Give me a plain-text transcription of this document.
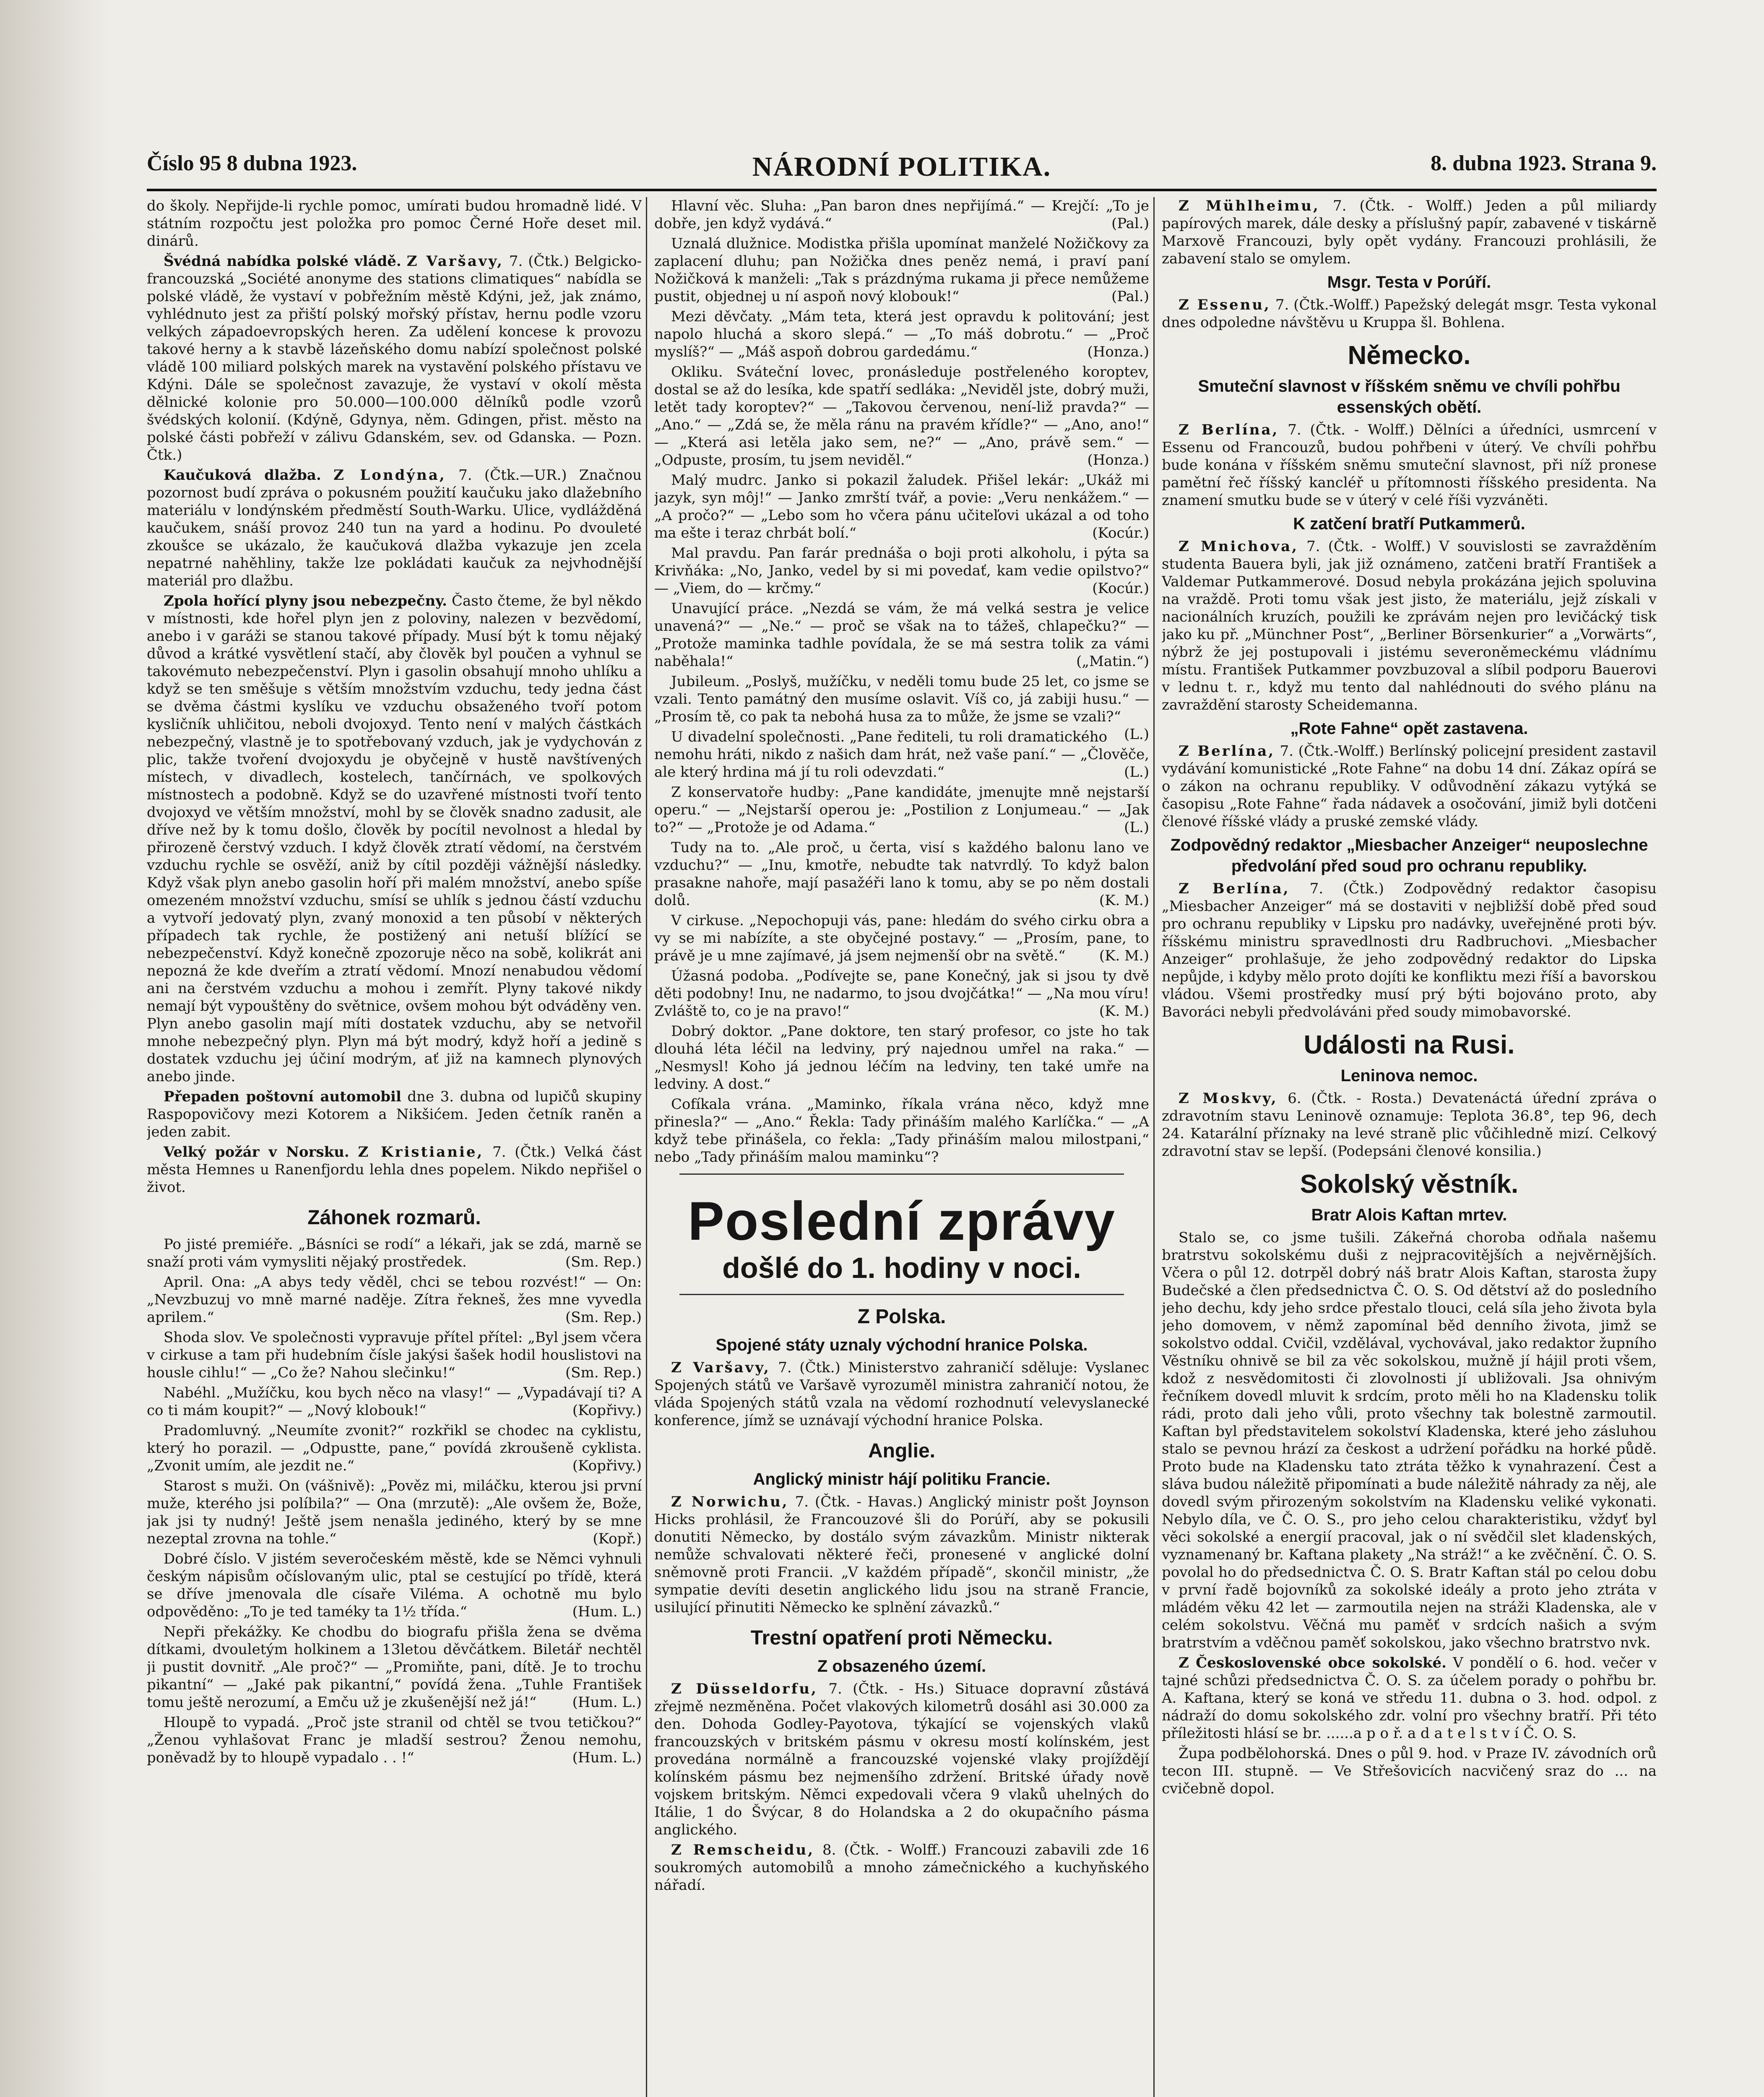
Číslo 95 8 dubna 1923.	NÁRODNÍ POLITIKA.	8. dubna 1923. Strana 9.

do školy. Nepřijde-li rychle pomoc, umírati budou hromadně lidé. V státním rozpočtu jest položka pro pomoc Černé Hoře deset mil. dinárů.

Švédná nabídka polské vládě. Z Varšavy, 7. (Čtk.) Belgicko-francouzská „Société anonyme des stations climatiques“ nabídla se polské vládě, že vystaví v pobřežním městě Kdýni, jež, jak známo, vyhlédnuto jest za přiští polský mořský přístav, hernu podle vzoru velkých západoevropských heren. Za udělení koncese k provozu takové herny a k stavbě lázeňského domu nabízí společnost polské vládě 100 miliard polských marek na vystavění polského přístavu ve Kdýni. Dále se společnost zavazuje, že vystaví v okolí města dělnické kolonie pro 50.000—100.000 dělníků podle vzorů švédských kolonií. (Kdýně, Gdynya, něm. Gdingen, přist. město na polské části pobřeží v zálivu Gdanském, sev. od Gdanska. — Pozn. Čtk.)

Kaučuková dlažba. Z Londýna, 7. (Čtk.—UR.) Značnou pozornost budí zpráva o pokusném použití kaučuku jako dlažebního materiálu v londýnském předměstí South-Warku. Ulice, vydlážděná kaučukem, snáší provoz 240 tun na yard a hodinu. Po dvouleté zkoušce se ukázalo, že kaučuková dlažba vykazuje jen zcela nepatrné nahěhliny, takže lze pokládati kaučuk za nejvhodnější materiál pro dlažbu.

Zpola hořící plyny jsou nebezpečny. Často čteme, že byl někdo v místnosti, kde hořel plyn jen z poloviny, nalezen v bezvědomí, anebo i v garáži se stanou takové případy. Musí být k tomu nějaký důvod a krátké vysvětlení stačí, aby člověk byl poučen a vyhnul se takovémuto nebezpečenství. Plyn i gasolin obsahují mnoho uhlíku a když se ten směšuje s větším množstvím vzduchu, tedy jedna část se dvěma částmi kyslíku ve vzduchu obsaženého tvoří potom kysličník uhličitou, neboli dvojoxyd. Tento není v malých částkách nebezpečný, vlastně je to spotřebovaný vzduch, jak je vydychován z plic, takže tvoření dvojoxydu je obyčejně v hustě navštívených místech, v divadlech, kostelech, tančírnách, ve spolkových místnostech a podobně. Když se do uzavřené místnosti tvoří tento dvojoxyd ve větším množství, mohl by se člověk snadno zadusit, ale dříve než by k tomu došlo, člověk by pocítil nevolnost a hledal by přirozeně čerstvý vzduch. I když člověk ztratí vědomí, na čerstvém vzduchu rychle se osvěží, aniž by cítil později vážnější následky. Když však plyn anebo gasolin hoří při malém množství, anebo spíše omezeném množství vzduchu, smísí se uhlík s jednou částí vzduchu a vytvoří jedovatý plyn, zvaný monoxid a ten působí v některých případech tak rychle, že postižený ani netuší blížící se nebezpečenství. Když konečně zpozoruje něco na sobě, kolikrát ani nepozná že kde dveřím a ztratí vědomí. Mnozí nenabudou vědomí ani na čerstvém vzduchu a mohou i zemřít. Plyny takové nikdy nemají být vypouštěny do světnice, ovšem mohou být odváděny ven. Plyn anebo gasolin mají míti dostatek vzduchu, aby se netvořil mnohe nebezpečný plyn. Plyn má být modrý, když hoří a jedině s dostatek vzduchu jej účiní modrým, ať již na kamnech plynových anebo jinde.

Přepaden poštovní automobil dne 3. dubna od lupičů skupiny Raspopovičovy mezi Kotorem a Nikšićem. Jeden četník raněn a jeden zabit.

Velký požár v Norsku. Z Kristianie, 7. (Čtk.) Velká část města Hemnes u Ranenfjordu lehla dnes popelem. Nikdo nepřišel o život.

Záhonek rozmarů.

Po jisté premiéře. „Básníci se rodí“ a lékaři, jak se zdá, marně se snaží proti vám vymysliti nějaký prostředek.	(Sm. Rep.)

April. Ona: „A abys tedy věděl, chci se tebou rozvést!“ — On: „Nevzbuzuj vo mně marné naděje. Zítra řekneš, žes mne vyvedla aprilem.“	(Sm. Rep.)

Shoda slov. Ve společnosti vypravuje přítel přítel: „Byl jsem včera v cirkuse a tam při hudebním čísle jakýsi šašek hodil houslistovi na housle cihlu!“ — „Co že? Nahou slečinku!“	(Sm. Rep.)

Nabéhl. „Mužíčku, kou bych něco na vlasy!“ — „Vypadávají ti? A co ti mám koupit?“ — „Nový klobouk!“	(Kopřivy.)

Pradomluvný. „Neumíte zvonit?“ rozkřikl se chodec na cyklistu, který ho porazil. — „Odpustte, pane,“ povídá zkroušeně cyklista. „Zvonit umím, ale jezdit ne.“	(Kopřivy.)

Starost s muži. On (vášnivě): „Pověz mi, miláčku, kterou jsi první muže, kterého jsi políbila?“ — Ona (mrzutě): „Ale ovšem že, Bože, jak jsi ty nudný! Ještě jsem nenašla jediného, který by se mne nezeptal zrovna na tohle.“	(Kopř.)

Dobré číslo. V jistém severočeském městě, kde se Němci vyhnuli českým nápisům očíslovaným ulic, ptal se cestující po třídě, která se dříve jmenovala dle císaře Viléma. A ochotně mu bylo odpověděno: „To je ted taméky ta 1½ třída.“	(Hum. L.)

Nepři překážky. Ke chodbu do biografu přišla žena se dvěma dítkami, dvouletým holkinem a 13letou děvčátkem. Biletář nechtěl ji pustit dovnitř. „Ale proč?“ — „Promiňte, pani, dítě. Je to trochu pikantní“ — „Jaké pak pikantní,“ povídá žena. „Tuhle František tomu ještě nerozumí, a Emču už je zkušenější než já!“	(Hum. L.)

Hloupě to vypadá. „Proč jste stranil od chtěl se tvou tetičkou?“ „Ženou vyhlašovat Franc je mladší sestrou? Ženou nemohu, poněvadž by to hloupě vypadalo . . !“	(Hum. L.)

Hlavní věc. Sluha: „Pan baron dnes nepřijímá.“ — Krejčí: „To je dobře, jen když vydává.“	(Pal.)

Uznalá dlužnice. Modistka přišla upomínat manželé Nožičkovy za zaplacení dluhu; pan Nožička dnes peněz nemá, i praví paní Nožičková k manželi: „Tak s prázdnýma rukama ji přece nemůžeme pustit, objednej u ní aspoň nový klobouk!“	(Pal.)

Mezi děvčaty. „Mám teta, která jest opravdu k politování; jest napolo hluchá a skoro slepá.“ — „To máš dobrotu.“ — „Proč myslíš?“ — „Máš aspoň dobrou gardedámu.“	(Honza.)

Okliku. Sváteční lovec, pronásleduje postřeleného koroptev, dostal se až do lesíka, kde spatří sedláka: „Neviděl jste, dobrý muži, letět tady koroptev?“ — „Takovou červenou, není-liž pravda?“ — „Ano.“ — „Zdá se, že měla ránu na pravém křídle?“ — „Ano, ano!“ — „Která asi letěla jako sem, ne?“ — „Ano, právě sem.“ — „Odpuste, prosím, tu jsem neviděl.“	(Honza.)

Malý mudrc. Janko si pokazil žaludek. Přišel lekár: „Ukáž mi jazyk, syn môj!“ — Janko zmrští tvář, a povie: „Veru nenkážem.“ — „A pročo?“ — „Lebo som ho včera pánu učiteľovi ukázal a od toho ma ešte i teraz chrbát bolí.“	(Kocúr.)

Mal pravdu. Pan farár prednáša o boji proti alkoholu, i pýta sa Krivňáka: „No, Janko, vedel by si mi povedať, kam vedie opilstvo?“ — „Viem, do — krčmy.“	(Kocúr.)

Unavující práce. „Nezdá se vám, že má velká sestra je velice unavená?“ — „Ne.“ — proč se však na to tážeš, chlapečku?“ — „Protože maminka tadhle povídala, že se má sestra tolik za vámi naběhala!“	(„Matin.“)

Jubileum. „Poslyš, mužíčku, v neděli tomu bude 25 let, co jsme se vzali. Tento památný den musíme oslavit. Víš co, já zabiji husu.“ — „Prosím tě, co pak ta nebohá husa za to může, že jsme se vzali?“
(L.)

U divadelní společnosti. „Pane řediteli, tu roli dramatického nemohu hráti, nikdo z našich dam hrát, než vaše paní.“ — „Člověče, ale který hrdina má jí tu roli odevzdati.“	(L.)

Z konservatoře hudby: „Pane kandidáte, jmenujte mně nejstarší operu.“ — „Nejstarší operou je: „Postilion z Lonjumeau.“ — „Jak to?“ — „Protože je od Adama.“	(L.)

Tudy na to. „Ale proč, u čerta, visí s každého balonu lano ve vzduchu?“ — „Inu, kmotře, nebudte tak natvrdlý. To když balon prasakne nahoře, mají pasažéři lano k tomu, aby se po něm dostali dolů.	(K. M.)

V cirkuse. „Nepochopuji vás, pane: hledám do svého cirku obra a vy se mi nabízíte, a ste obyčejné postavy.“ — „Prosím, pane, to právě je u mne zajímavé, já jsem nejmenší obr na světě.“	(K. M.)

Úžasná podoba. „Podívejte se, pane Konečný, jak si jsou ty dvě děti podobny! Inu, ne nadarmo, to jsou dvojčátka!“ — „Na mou víru! Zvláště to, co je na pravo!“	(K. M.)

Dobrý doktor. „Pane doktore, ten starý profesor, co jste ho tak dlouhá léta léčil na ledviny, prý najednou umřel na raka.“ — „Nesmysl! Koho já jednou léčím na ledviny, ten také umře na ledviny. A dost.“

Cofíkala vrána. „Maminko, říkala vrána něco, když mne přinesla?“ — „Ano.“ Řekla: Tady přináším malého Karlíčka.“ — „A když tebe přinášela, co řekla: „Tady přináším malou milostpani,“ nebo „Tady přináším malou maminku“?

Poslední zprávy
došlé do 1. hodiny v noci.
Z Polska.
Spojené státy uznaly východní hranice Polska.

Z Varšavy, 7. (Čtk.) Ministerstvo zahraničí sděluje: Vyslanec Spojených států ve Varšavě vyrozuměl ministra zahraničí notou, že vláda Spojených států vzala na vědomí rozhodnutí velevyslanecké konference, jímž se uznávají východní hranice Polska.

Anglie.
Anglický ministr hájí politiku Francie.

Z Norwichu, 7. (Čtk. - Havas.) Anglický ministr pošt Joynson Hicks prohlásil, že Francouzové šli do Porúří, aby se pokusili donutiti Německo, by dostálo svým závazkům. Ministr nikterak nemůže schvalovati některé řeči, pronesené v anglické dolní sněmovně proti Francii. „V každém případě“, skončil ministr, „že sympatie devíti desetin anglického lidu jsou na straně Francie, usilující přinutiti Německo ke splnění závazků.“

Trestní opatření proti Německu.
Z obsazeného území.

Z Düsseldorfu, 7. (Čtk. - Hs.) Situace dopravní zůstává zřejmě nezměněna. Počet vlakových kilometrů dosáhl asi 30.000 za den. Dohoda Godley-Payotova, týkající se vojenských vlaků francouzských v britském pásmu v okresu mostí kolínském, jest provedána normálně a francouzské vojenské vlaky projíždějí kolínském pásmu bez nejmenšího zdržení. Britské úřady nově vojskem britským. Němci expedovali včera 9 vlaků uhelných do Itálie, 1 do Švýcar, 8 do Holandska a 2 do okupačního pásma anglického.

Z Remscheidu, 8. (Čtk. - Wolff.) Francouzi zabavili zde 16 soukromých automobilů a mnoho zámečnického a kuchyňského nářadí.

Z Mühlheimu, 7. (Čtk. - Wolff.) Jeden a půl miliardy papírových marek, dále desky a příslušný papír, zabavené v tiskárně Marxově Francouzi, byly opět vydány. Francouzi prohlásili, že zabavení stalo se omylem.

Msgr. Testa v Porúří.

Z Essenu, 7. (Čtk.-Wolff.) Papežský delegát msgr. Testa vykonal dnes odpoledne návštěvu u Kruppa šl. Bohlena.

Německo.
Smuteční slavnost v říšském sněmu ve chvíli pohřbu essenských obětí.

Z Berlína, 7. (Čtk. - Wolff.) Dělníci a úředníci, usmrcení v Essenu od Francouzů, budou pohřbeni v úterý. Ve chvíli pohřbu bude konána v říšském sněmu smuteční slavnost, při níž pronese pamětní řeč říšský kancléř u přítomnosti říšského presidenta. Na znamení smutku bude se v úterý v celé říši vyzváněti.

K zatčení bratří Putkammerů.

Z Mnichova, 7. (Čtk. - Wolff.) V souvislosti se zavražděním studenta Bauera byli, jak již oznámeno, zatčeni bratří František a Valdemar Putkammerové. Dosud nebyla prokázána jejich spoluvina na vraždě. Proti tomu však jest jisto, že materiálu, jejž získali v nacionálních kruzích, použili ke zprávám nejen pro levičácký tisk jako ku př. „Münchner Post“, „Berliner Börsenkurier“ a „Vorwärts“, nýbrž že jej postupovali i jistému severoněmeckému vládnímu místu. František Putkammer povzbuzoval a slíbil podporu Bauerovi v lednu t. r., když mu tento dal nahlédnouti do svého plánu na zavraždění starosty Scheidemanna.

„Rote Fahne“ opět zastavena.

Z Berlína, 7. (Čtk.-Wolff.) Berlínský policejní president zastavil vydávání komunistické „Rote Fahne“ na dobu 14 dní. Zákaz opírá se o zákon na ochranu republiky. V odůvodnění zákazu vytýká se časopisu „Rote Fahne“ řada nádavek a osočování, jimiž byli dotčeni členové říšské vlády a pruské zemské vlády.

Zodpovědný redaktor „Miesbacher Anzeiger“ neuposlechne předvolání před soud pro ochranu republiky.

Z Berlína, 7. (Čtk.) Zodpovědný redaktor časopisu „Miesbacher Anzeiger“ má se dostaviti v nejbližší době před soud pro ochranu republiky v Lipsku pro nadávky, uveřejněné proti býv. říšskému ministru spravedlnosti dru Radbruchovi. „Miesbacher Anzeiger“ prohlašuje, že jeho zodpovědný redaktor do Lipska nepůjde, i kdyby mělo proto dojíti ke konfliktu mezi říší a bavorskou vládou. Všemi prostředky musí prý býti bojováno proto, aby Bavoráci nebyli předvoláváni před soudy mimobavorské.

Události na Rusi.
Leninova nemoc.

Z Moskvy, 6. (Čtk. - Rosta.) Devatenáctá úřední zpráva o zdravotním stavu Leninově oznamuje: Teplota 36.8°, tep 96, dech 24. Katarální příznaky na levé straně plic vůčihledně mizí. Celkový zdravotní stav se lepší. (Podepsáni členové konsilia.)

Sokolský věstník.
Bratr Alois Kaftan mrtev.

Stalo se, co jsme tušili. Zákeřná choroba odňala našemu bratrstvu sokolskému duši z nejpracovitějších a nejvěrnějších. Včera o půl 12. dotrpěl dobrý náš bratr Alois Kaftan, starosta župy Budečské a člen předsednictva Č. O. S. Od dětství až do posledního jeho dechu, kdy jeho srdce přestalo tlouci, celá síla jeho života byla jeho domovem, v němž zapomínal běd denního života, jimž se sokolstvo oddal. Cvičil, vzdělával, vychovával, jako redaktor župního Věstníku ohnivě se bil za věc sokolskou, mužně jí hájil proti všem, kdož z nesvědomitosti či zlovolnosti jí ubližovali. Jsa ohnivým řečníkem dovedl mluvit k srdcím, proto měli ho na Kladensku tolik rádi, proto dali jeho vůli, proto všechny tak bolestně zarmoutil. Kaftan byl představitelem sokolství Kladenska, které jeho zásluhou stalo se pevnou hrází za českost a udržení pořádku na horké půdě. Proto bude na Kladensku tato ztráta těžko k vynahrazení. Čest a sláva budou náležitě připomínati a bude náležitě náhrady za něj, ale dovedl svým přirozeným sokolstvím na Kladensku veliké vykonati. Nebylo díla, ve Č. O. S., pro jeho celou charakteristiku, vždyť byl věci sokolské a energií pracoval, jak o ní svědčil slet kladenských, vyznamenaný br. Kaftana plakety „Na stráž!“ a ke zvěčnění. Č. O. S. povolal ho do předsednictva Č. O. S. Bratr Kaftan stál po celou dobu v první řadě bojovníků za sokolské ideály a proto jeho ztráta v mládém věku 42 let — zarmoutila nejen na stráži Kladenska, ale v celém sokolstvu. Věčná mu paměť v srdcích našich a svým bratrstvím a vděčnou paměť sokolskou, jako všechno bratrstvo nvk.

Z Československé obce sokolské. V pondělí o 6. hod. večer v tajné schůzi předsednictva Č. O. S. za účelem porady o pohřbu br. A. Kaftana, který se koná ve středu 11. dubna o 3. hod. odpol. z nádraží do domu sokolského zdr. volní pro všechny bratří. Při této příležitosti hlásí se br. ......a p o ř. a d a t e l s t v í Č. O. S.

Župa podbělohorská. Dnes o půl 9. hod. v Praze IV. závodních orů tecon III. stupně. — Ve Střešovicích nacvičený sraz do ... na cvičebně dopol.
